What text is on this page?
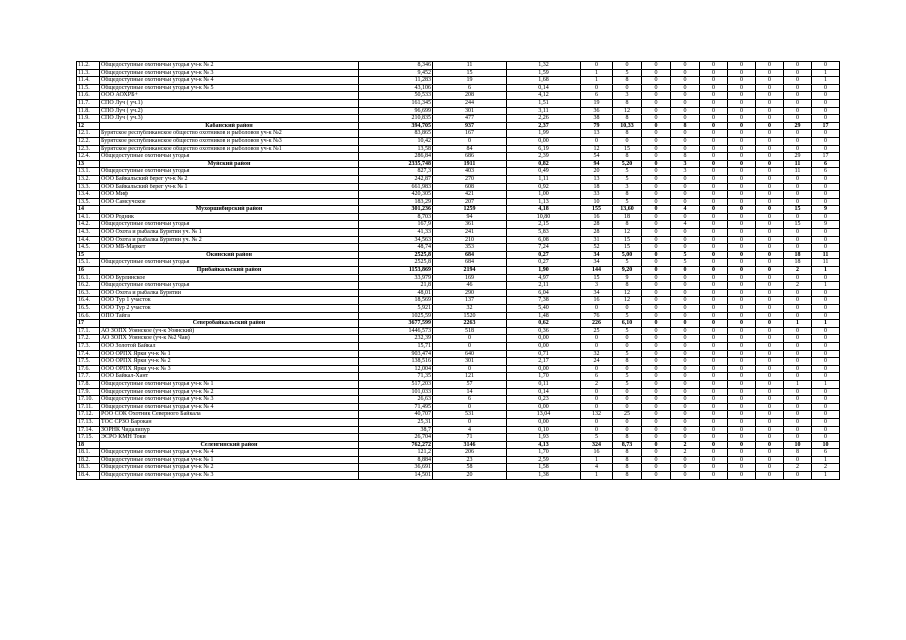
11.2.	Общедоступные охотничьи угодья уч-к № 2	8,346	11	1,32	0	0	0	0	0	0	0	0	0
11.3.	Общедоступные охотничьи угодья уч-к № 3	9,452	15	1,59	1	5	0	0	0	0	0	0	1
11.4.	Общедоступные охотничьи угодья уч-к № 4	11,283	19	1,68	1	8	0	0	0	0	0	0	1
11.5.	Общедоступные охотничьи угодья уч-к № 5	43,106	6	0,14	0	0	0	0	0	0	0	0	0
11.6.	ООО АОХРБ+	50,533	208	4,12	6	3	0	0	0	0	0	0	0
11.7.	СПО Луч ( уч.1)	161,345	244	1,51	19	8	0	0	0	0	0	0	0
11.8.	СПО Луч ( уч.2)	96,699	301	3,11	36	12	0	0	0	0	0	0	0
11.9.	СПО Луч ( уч.3)	210,835	477	2,26	38	8	0	0	0	0	0	0	0
12	Кабанский район	394,705	937	2,37	79	10,33	0	8	0	0	0	29	17
12.1.	Бурятское республиканское общество охотников и рыболовов уч-к №2	83,865	167	1,99	13	8	0	0	0	0	0	0	0
12.2.	Бурятское республиканское общество охотников и рыболовов уч-к №3	10,42	0	0,00	0	0	0	0	0	0	0	0	0
12.3.	Бурятское республиканское общество охотников и рыболовов уч-к №1	13,58	84	6,19	12	15	0	0	0	0	0	0	0
12.4.	Общедоступные охотничьи угодья	286,84	686	2,39	54	8	0	8	0	0	0	29	17
13	Муйский район	2335,748	1911	0,82	94	5,20	0	3	0	0	0	11	6
13.1.	Общедоступные охотничьи угодья	827,3	403	0,49	20	5	0	3	0	0	0	11	6
13.2.	ООО Байкальский берег уч-к № 2	242,87	270	1,11	13	5	0	0	0	0	0	0	0
13.3.	ООО Байкальский берег уч-к № 1	661,983	608	0,92	18	3	0	0	0	0	0	0	0
13.4.	ООО Миф	420,305	421	1,00	33	8	0	0	0	0	0	0	0
13.5.	ООО Самсучское	183,29	207	1,13	10	5	0	0	0	0	0	0	0
14	Мухоршибирский район	301,236	1259	4,18	155	13,60	0	4	0	0	0	15	9
14.1.	ООО Родник	8,703	94	10,80	16	18	0	0	0	0	0	0	0
14.2.	Общедоступные охотничьи угодья	167,9	361	2,15	28	8	0	4	0	0	0	15	9
14.3.	ООО Охота и рыбалка Бурятии уч. № 1	41,33	241	5,83	28	12	0	0	0	0	0	0	0
14.4.	ООО Охота и рыбалка Бурятии уч. № 2	34,563	210	6,08	31	15	0	0	0	0	0	0	0
14.5.	ООО МБ-Маркет	48,74	353	7,24	52	15	0	0	0	0	0	0	0
15	Окинский район	2525,8	684	0,27	34	5,00	0	5	0	0	0	18	11
15.1.	Общедоступные охотничьи угодья	2525,8	684	0,27	34	5	0	5	0	0	0	18	11
16	Прибайкальский район	1153,869	2194	1,90	144	9,20	0	0	0	0	0	2	1
16.1.	ООО Бурлинское	33,979	169	4,97	15	9	0	0	0	0	0	0	0
16.2.	Общедоступные охотничьи угодья	21,8	46	2,11	3	8	0	0	0	0	0	2	1
16.3.	ООО Охота и рыбалка Бурятии	48,01	290	6,04	34	12	0	0	0	0	0	0	0
16.4.	ООО Тур 1 участок	18,569	137	7,38	16	12	0	0	0	0	0	0	0
16.5.	ООО Тур 2 участок	5,921	32	5,40	0	0	0	0	0	0	0	0	0
16.6.	ОПО Тайга	1025,59	1520	1,48	76	5	0	0	0	0	0	0	0
17	Северобайкальский район	3677,599	2263	0,62	226	6,10	0	0	0	0	0	1	1
17.1.	АО ЗОПХ Уоянское (уч-к Уоянский)	1446,573	518	0,36	25	5	0	0	0	0	0	0	0
17.2.	АО ЗОПХ Уоянское (уч-к №2 Чаи)	232,39	0	0,00	0	0	0	0	0	0	0	0	0
17.3.	ООО Золотой Байкал	15,71	0	0,00	0	0	0	0	0	0	0	0	0
17.4.	ООО ОРПХ Ярки уч-к № 1	903,474	640	0,71	32	5	0	0	0	0	0	0	0
17.5.	ООО ОРПХ Ярки уч-к № 2	138,516	301	2,17	24	8	0	0	0	0	0	0	0
17.6.	ООО ОРПХ Ярки уч-к № 3	12,004	0	0,00	0	0	0	0	0	0	0	0	0
17.7.	ООО Байкал-Хант	71,35	121	1,70	6	5	0	0	0	0	0	0	0
17.8.	Общедоступные охотничьи угодья уч-к № 1	517,203	57	0,11	2	5	0	0	0	0	0	1	1
17.9.	Общедоступные охотничьи угодья уч-к № 2	101,033	14	0,14	0	0	0	0	0	0	0	0	0
17.10.	Общедоступные охотничьи угодья уч-к № 3	26,63	6	0,23	0	0	0	0	0	0	0	0	0
17.11.	Общедоступные охотничьи угодья уч-к № 4	71,495	0	0,00	0	0	0	0	0	0	0	0	0
17.12.	РОО СОК Охотник Северного Байкала	40,707	531	13,04	132	25	0	0	0	0	0	0	0
17.13.	ТОС СРЗО Барокан	25,31	0	0,00	0	0	0	0	0	0	0	0	0
17.14.	ЗОРНК Чидалипур	38,7	4	0,10	0	0	0	0	0	0	0	0	0
17.15.	ЭСРО КМН Токи	26,704	71	1,93	5	8	0	0	0	0	0	0	0
18	Селенгинский район	762,272	3146	4,13	324	8,73	0	2	0	0	0	10	10
18.1.	Общедоступные охотничьи угодья уч-к № 4	121,2	206	1,70	16	8	0	2	0	0	0	8	6
18.2.	Общедоступные охотничьи угодья уч-к № 1	8,884	23	2,59	1	8	0	0	0	0	0	0	1
18.3.	Общедоступные охотничьи угодья уч-к № 2	36,691	58	1,58	4	8	0	0	0	0	0	2	2
18.4.	Общедоступные охотничьи угодья уч-к № 3	14,501	20	1,38	1	8	0	0	0	0	0	0	1
